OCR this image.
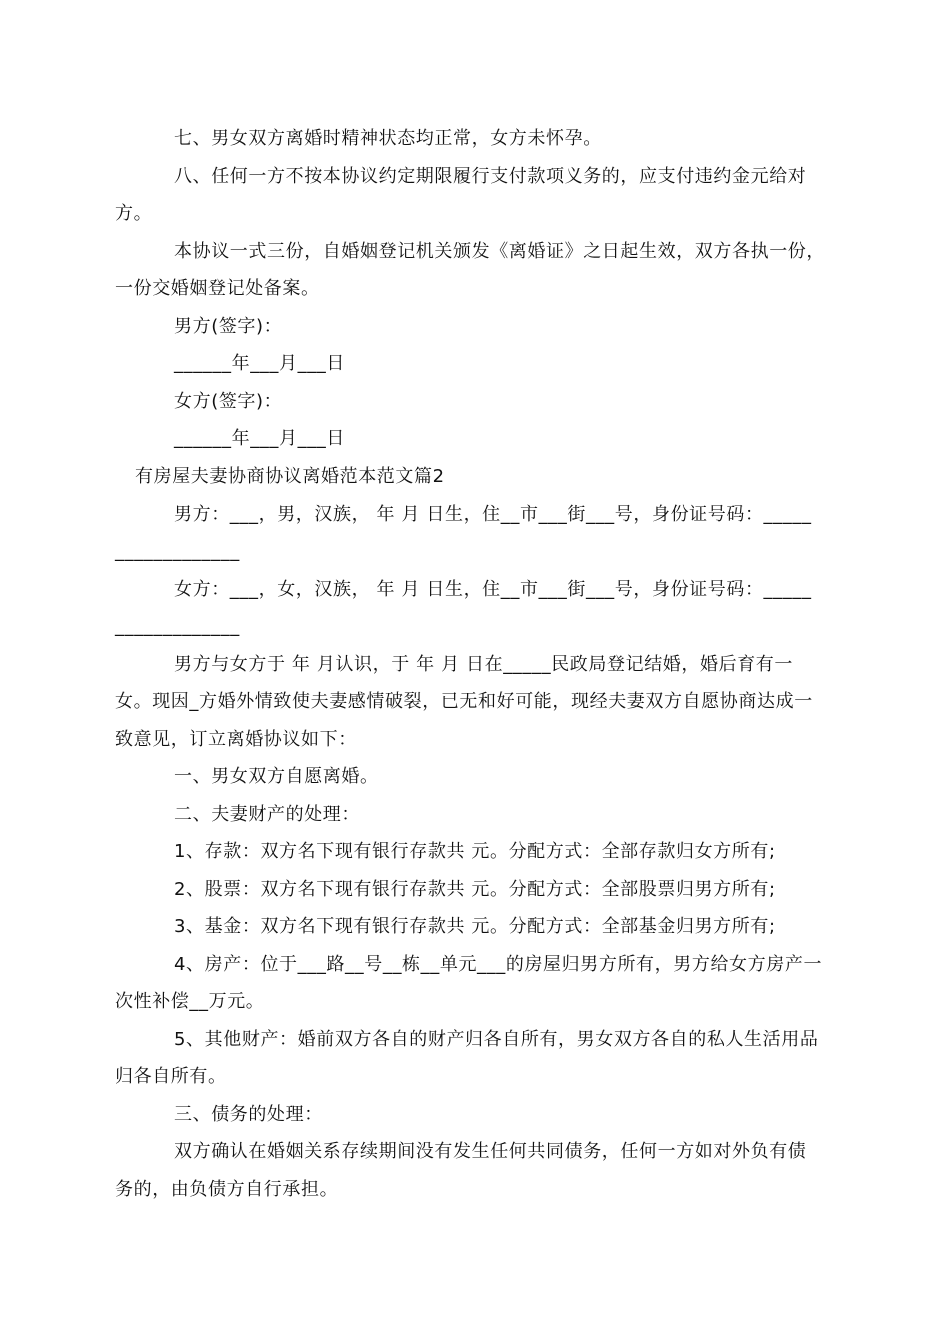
七、男女双方离婚时精神状态均正常，女方未怀孕。
八、任何一方不按本协议约定期限履行支付款项义务的，应支付违约金元给对
方。
本协议一式三份，自婚姻登记机关颁发《离婚证》之日起生效，双方各执一份，
一份交婚姻登记处备案。
男方(签字)：
______年___月___日
女方(签字)：
______年___月___日
有房屋夫妻协商协议离婚范本范文篇2
男方：___，男，汉族， 年 月 日生，住__市___街___号，身份证号码：_____
_____________
女方：___，女，汉族， 年 月 日生，住__市___街___号，身份证号码：_____
_____________
男方与女方于 年 月认识，于 年 月 日在_____民政局登记结婚，婚后育有一
女。现因_方婚外情致使夫妻感情破裂，已无和好可能，现经夫妻双方自愿协商达成一
致意见，订立离婚协议如下：
一、男女双方自愿离婚。
二、夫妻财产的处理：
1、存款：双方名下现有银行存款共 元。分配方式：全部存款归女方所有;
2、股票：双方名下现有银行存款共 元。分配方式：全部股票归男方所有;
3、基金：双方名下现有银行存款共 元。分配方式：全部基金归男方所有;
4、房产：位于___路__号__栋__单元___的房屋归男方所有，男方给女方房产一
次性补偿__万元。
5、其他财产：婚前双方各自的财产归各自所有，男女双方各自的私人生活用品
归各自所有。
三、债务的处理：
双方确认在婚姻关系存续期间没有发生任何共同债务，任何一方如对外负有债
务的，由负债方自行承担。
